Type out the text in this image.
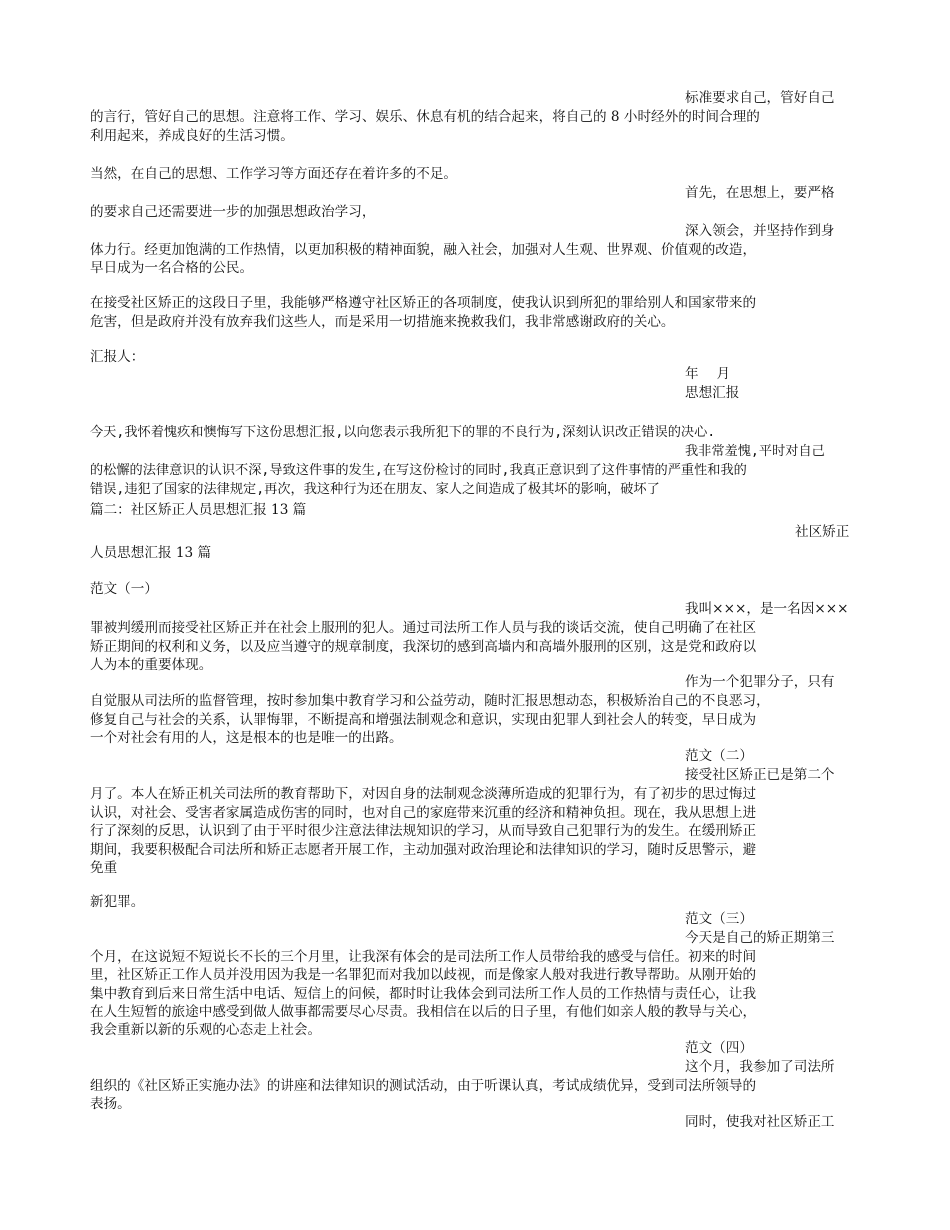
标准要求自己，管好自己
的言行，管好自己的思想。注意将工作、学习、娱乐、休息有机的结合起来，将自己的 8 小时经外的时间合理的
利用起来，养成良好的生活习惯。
当然，在自己的思想、工作学习等方面还存在着许多的不足。
首先，在思想上，要严格
的要求自己还需要进一步的加强思想政治学习，
深入领会，并坚持作到身
体力行。经更加饱满的工作热情，以更加积极的精神面貌，融入社会，加强对人生观、世界观、价值观的改造，
早日成为一名合格的公民。
在接受社区矫正的这段日子里，我能够严格遵守社区矫正的各项制度，使我认识到所犯的罪给别人和国家带来的
危害，但是政府并没有放弃我们这些人，而是采用一切措施来挽救我们，我非常感谢政府的关心。
汇报人：
年　 月
思想汇报
今天,我怀着愧疚和懊悔写下这份思想汇报,以向您表示我所犯下的罪的不良行为,深刻认识改正错误的决心.
我非常羞愧,平时对自己
的松懈的法律意识的认识不深,导致这件事的发生,在写这份检讨的同时,我真正意识到了这件事情的严重性和我的
错误,违犯了国家的法律规定,再次，我这种行为还在朋友、家人之间造成了极其坏的影响，破坏了
篇二：社区矫正人员思想汇报 13 篇
社区矫正
人员思想汇报 13 篇
范文（一）
我叫×××，是一名因×××
罪被判缓刑而接受社区矫正并在社会上服刑的犯人。通过司法所工作人员与我的谈话交流，使自己明确了在社区
矫正期间的权利和义务，以及应当遵守的规章制度，我深切的感到高墙内和高墙外服刑的区别，这是党和政府以
人为本的重要体现。
作为一个犯罪分子，只有
自觉服从司法所的监督管理，按时参加集中教育学习和公益劳动，随时汇报思想动态，积极矫治自己的不良恶习，
修复自己与社会的关系，认罪悔罪，不断提高和增强法制观念和意识，实现由犯罪人到社会人的转变，早日成为
一个对社会有用的人，这是根本的也是唯一的出路。
范文（二）
接受社区矫正已是第二个
月了。本人在矫正机关司法所的教育帮助下，对因自身的法制观念淡薄所造成的犯罪行为，有了初步的思过悔过
认识，对社会、受害者家属造成伤害的同时，也对自己的家庭带来沉重的经济和精神负担。现在，我从思想上进
行了深刻的反思，认识到了由于平时很少注意法律法规知识的学习，从而导致自己犯罪行为的发生。在缓刑矫正
期间，我要积极配合司法所和矫正志愿者开展工作，主动加强对政治理论和法律知识的学习，随时反思警示，避
免重
新犯罪。
范文（三）
今天是自己的矫正期第三
个月，在这说短不短说长不长的三个月里，让我深有体会的是司法所工作人员带给我的感受与信任。初来的时间
里，社区矫正工作人员并没用因为我是一名罪犯而对我加以歧视，而是像家人般对我进行教导帮助。从刚开始的
集中教育到后来日常生活中电话、短信上的问候，都时时让我体会到司法所工作人员的工作热情与责任心，让我
在人生短暂的旅途中感受到做人做事都需要尽心尽责。我相信在以后的日子里，有他们如亲人般的教导与关心，
我会重新以新的乐观的心态走上社会。
范文（四）
这个月，我参加了司法所
组织的《社区矫正实施办法》的讲座和法律知识的测试活动，由于听课认真，考试成绩优异，受到司法所领导的
表扬。
同时，使我对社区矫正工
